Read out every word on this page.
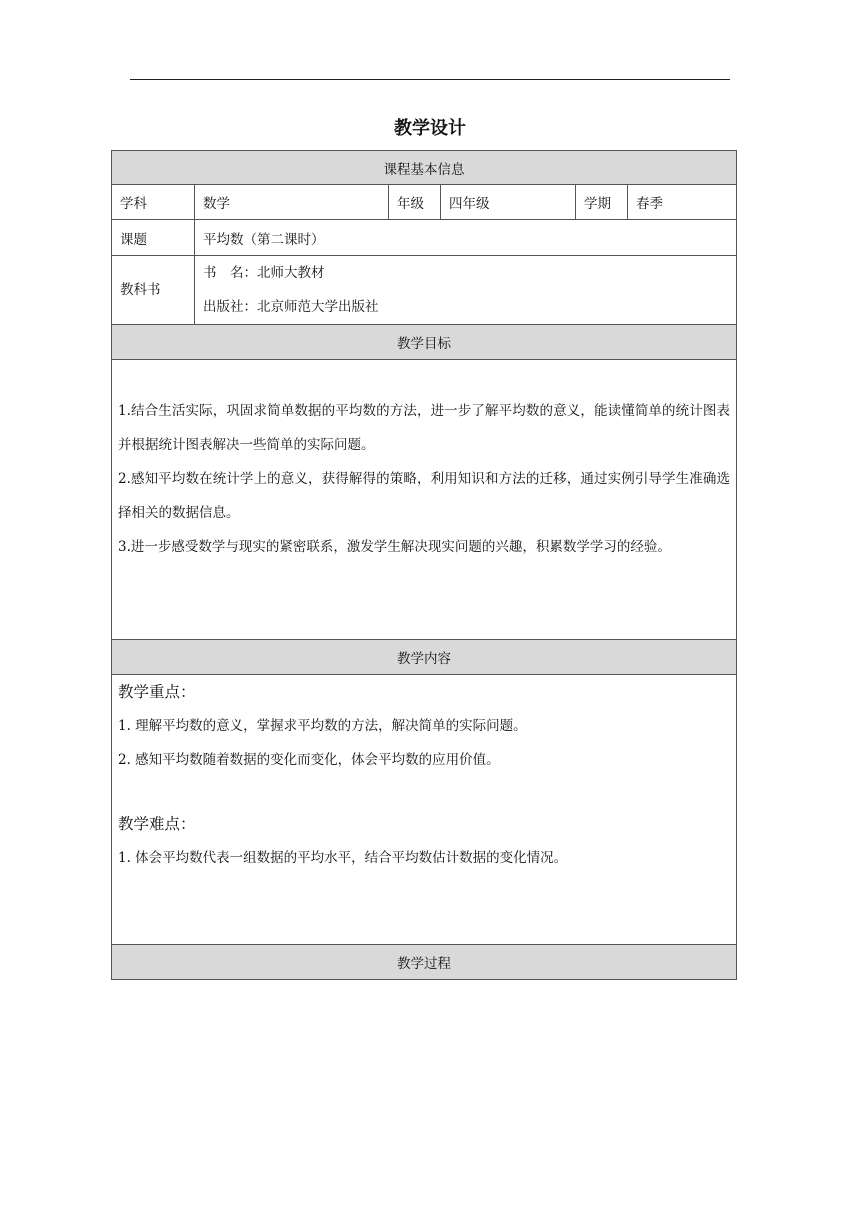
教学设计
课程基本信息					
学科	数学	年级	四年级	学期	春季
课题	平均数（第二课时）				

教科书	书　名：北师大教材
出版社：北京师范大学出版社				

教学目标					

1.结合生活实际，巩固求简单数据的平均数的方法，进一步了解平均数的意义，能读懂简单的统计图表并根据统计图表解决一些简单的实际问题。
2.感知平均数在统计学上的意义，获得解得的策略，利用知识和方法的迁移，通过实例引导学生准确选择相关的数据信息。
3.进一步感受数学与现实的紧密联系，激发学生解决现实问题的兴趣，积累数学学习的经验。					

教学内容					

教学重点：
1. 理解平均数的意义，掌握求平均数的方法，解决简单的实际问题。
2. 感知平均数随着数据的变化而变化，体会平均数的应用价值。
教学难点：
1. 体会平均数代表一组数据的平均水平，结合平均数估计数据的变化情况。					

教学过程					
